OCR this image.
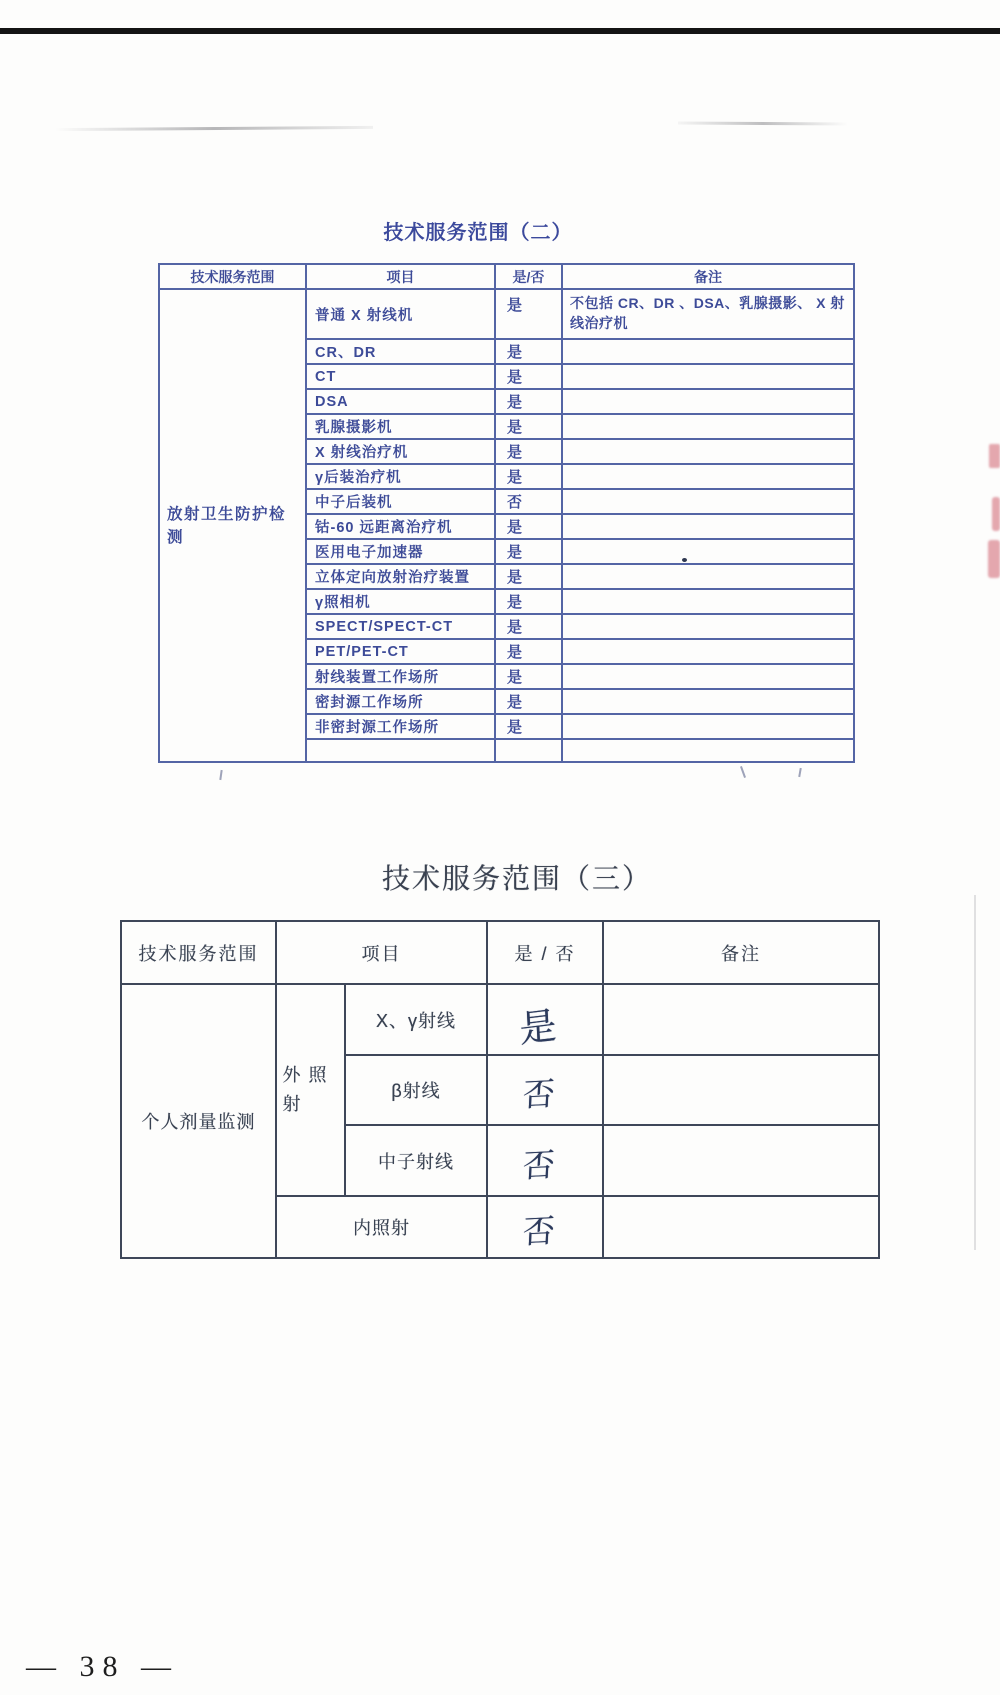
技术服务范围（二）
技术服务范围	项目	是/否	备注

放射卫生防护检测	普通 X 射线机	是	不包括 CR、DR 、DSA、乳腺摄影、 X 射线治疗机
	CR、DR	是	
	CT	是	
	DSA	是	
	乳腺摄影机	是	
	X 射线治疗机	是	
	γ后装治疗机	是	
	中子后装机	否	
	钴-60 远距离治疗机	是	
	医用电子加速器	是	
	立体定向放射治疗装置	是	
	γ照相机	是	
	SPECT/SPECT-CT	是	
	PET/PET-CT	是	
	射线装置工作场所	是	
	密封源工作场所	是	
	非密封源工作场所	是	

技术服务范围（三）
技术服务范围	项目		是 / 否	备注

个人剂量监测	外照射	X、γ射线	是	
		β射线	否	
		中子射线	否	
	内照射		否	
— 38 —
